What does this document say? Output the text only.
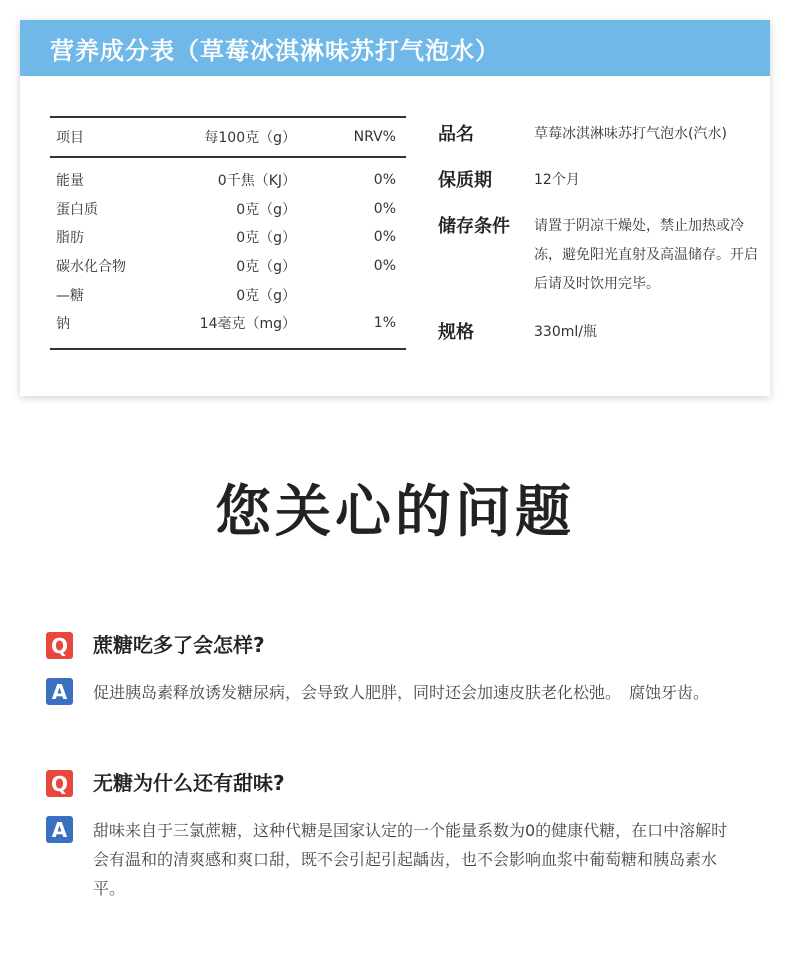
营养成分表（草莓冰淇淋味苏打气泡水）
项目	每100克（g）	NRV%
能量	0千焦（KJ）	0%
蛋白质	0克（g）	0%
脂肪	0克（g）	0%
碳水化合物	0克（g）	0%
—糖	0克（g）
钠	14毫克（mg）	1%
品名	草莓冰淇淋味苏打气泡水(汽水)
保质期	12个月
储存条件	请置于阴凉干燥处，禁止加热或冷冻，避免阳光直射及高温储存。开启后请及时饮用完毕。
规格	330ml/瓶
您关心的问题
Q 蔗糖吃多了会怎样?
A	促进胰岛素释放诱发糖尿病，会导致人肥胖，同时还会加速皮肤老化松弛。　腐蚀牙齿。
Q 无糖为什么还有甜味?
A	甜味来自于三氯蔗糖，这种代糖是国家认定的一个能量系数为0的健康代糖，在口中溶解时会有温和的清爽感和爽口甜，既不会引起引起龋齿，也不会影响血浆中葡萄糖和胰岛素水平。
